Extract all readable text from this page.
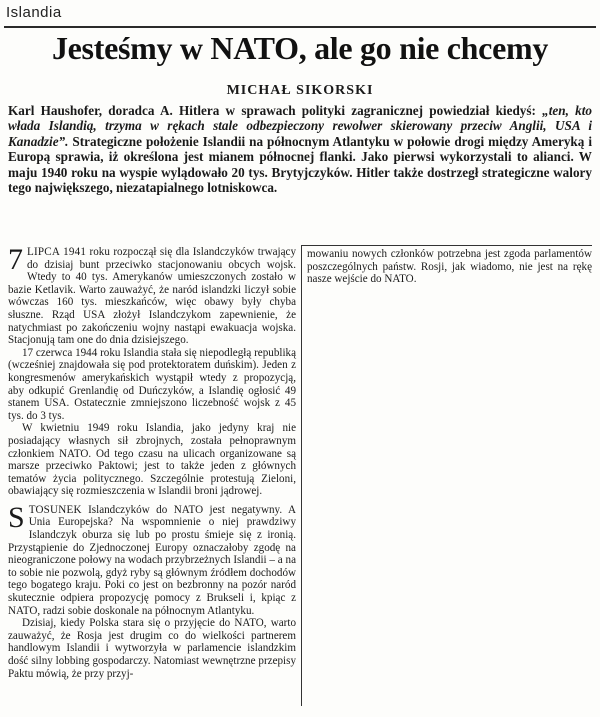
Islandia
Jesteśmy w NATO, ale go nie chcemy
MICHAŁ SIKORSKI

Karl Haushofer, doradca A. Hitlera w sprawach polityki zagranicznej powiedział kiedyś: „ten, kto włada Islandią, trzyma w rękach stale odbezpieczony rewolwer skierowany przeciw Anglii, USA i Kanadzie”. Strategiczne położenie Islandii na północnym Atlantyku w połowie drogi między Ameryką i Europą sprawia, iż określona jest mianem północnej flanki. Jako pierwsi wykorzystali to alianci. W maju 1940 roku na wyspie wylądowało 20 tys. Brytyjczyków. Hitler także dostrzegł strategiczne walory tego największego, niezatapialnego lotniskowca.

7 LIPCA 1941 roku rozpoczął się dla Islandczyków trwający do dzisiaj bunt przeciwko stacjonowaniu obcych wojsk. Wtedy to 40 tys. Amerykanów umieszczonych zostało w bazie Ketlavik. Warto zauważyć, że naród islandzki liczył sobie wówczas 160 tys. mieszkańców, więc obawy były chyba słuszne. Rząd USA złożył Islandczykom zapewnienie, że natychmiast po zakończeniu wojny nastąpi ewakuacja wojska. Stacjonują tam one do dnia dzisiejszego.

17 czerwca 1944 roku Islandia stała się niepodległą republiką (wcześniej znajdowała się pod protektoratem duńskim). Jeden z kongresmenów amerykańskich wystąpił wtedy z propozycją, aby odkupić Grenlandię od Duńczyków, a Islandię ogłosić 49 stanem USA. Ostatecznie zmniejszono liczebność wojsk z 45 tys. do 3 tys.

W kwietniu 1949 roku Islandia, jako jedyny kraj nie posiadający własnych sił zbrojnych, została pełnoprawnym członkiem NATO. Od tego czasu na ulicach organizowane są marsze przeciwko Paktowi; jest to także jeden z głównych tematów życia politycznego. Szczególnie protestują Zieloni, obawiający się rozmieszczenia w Islandii broni jądrowej.

STOSUNEK Islandczyków do NATO jest negatywny. A Unia Europejska? Na wspomnienie o niej prawdziwy Islandczyk oburza się lub po prostu śmieje się z ironią. Przystąpienie do Zjednoczonej Europy oznaczałoby zgodę na nieograniczone połowy na wodach przybrzeżnych Islandii – a na to sobie nie pozwolą, gdyż ryby są głównym źródłem dochodów tego bogatego kraju. Poki co jest on bezbronny na pozór naród skutecznie odpiera propozycję pomocy z Brukseli i, kpiąc z NATO, radzi sobie doskonale na północnym Atlantyku.

Dzisiaj, kiedy Polska stara się o przyjęcie do NATO, warto zauważyć, że Rosja jest drugim co do wielkości partnerem handlowym Islandii i wytworzyła w parlamencie islandzkim dość silny lobbing gospodarczy. Natomiast wewnętrzne przepisy Paktu mówią, że przy przyj-

mowaniu nowych członków potrzebna jest zgoda parlamentów poszczególnych państw. Rosji, jak wiadomo, nie jest na rękę nasze wejście do NATO.
